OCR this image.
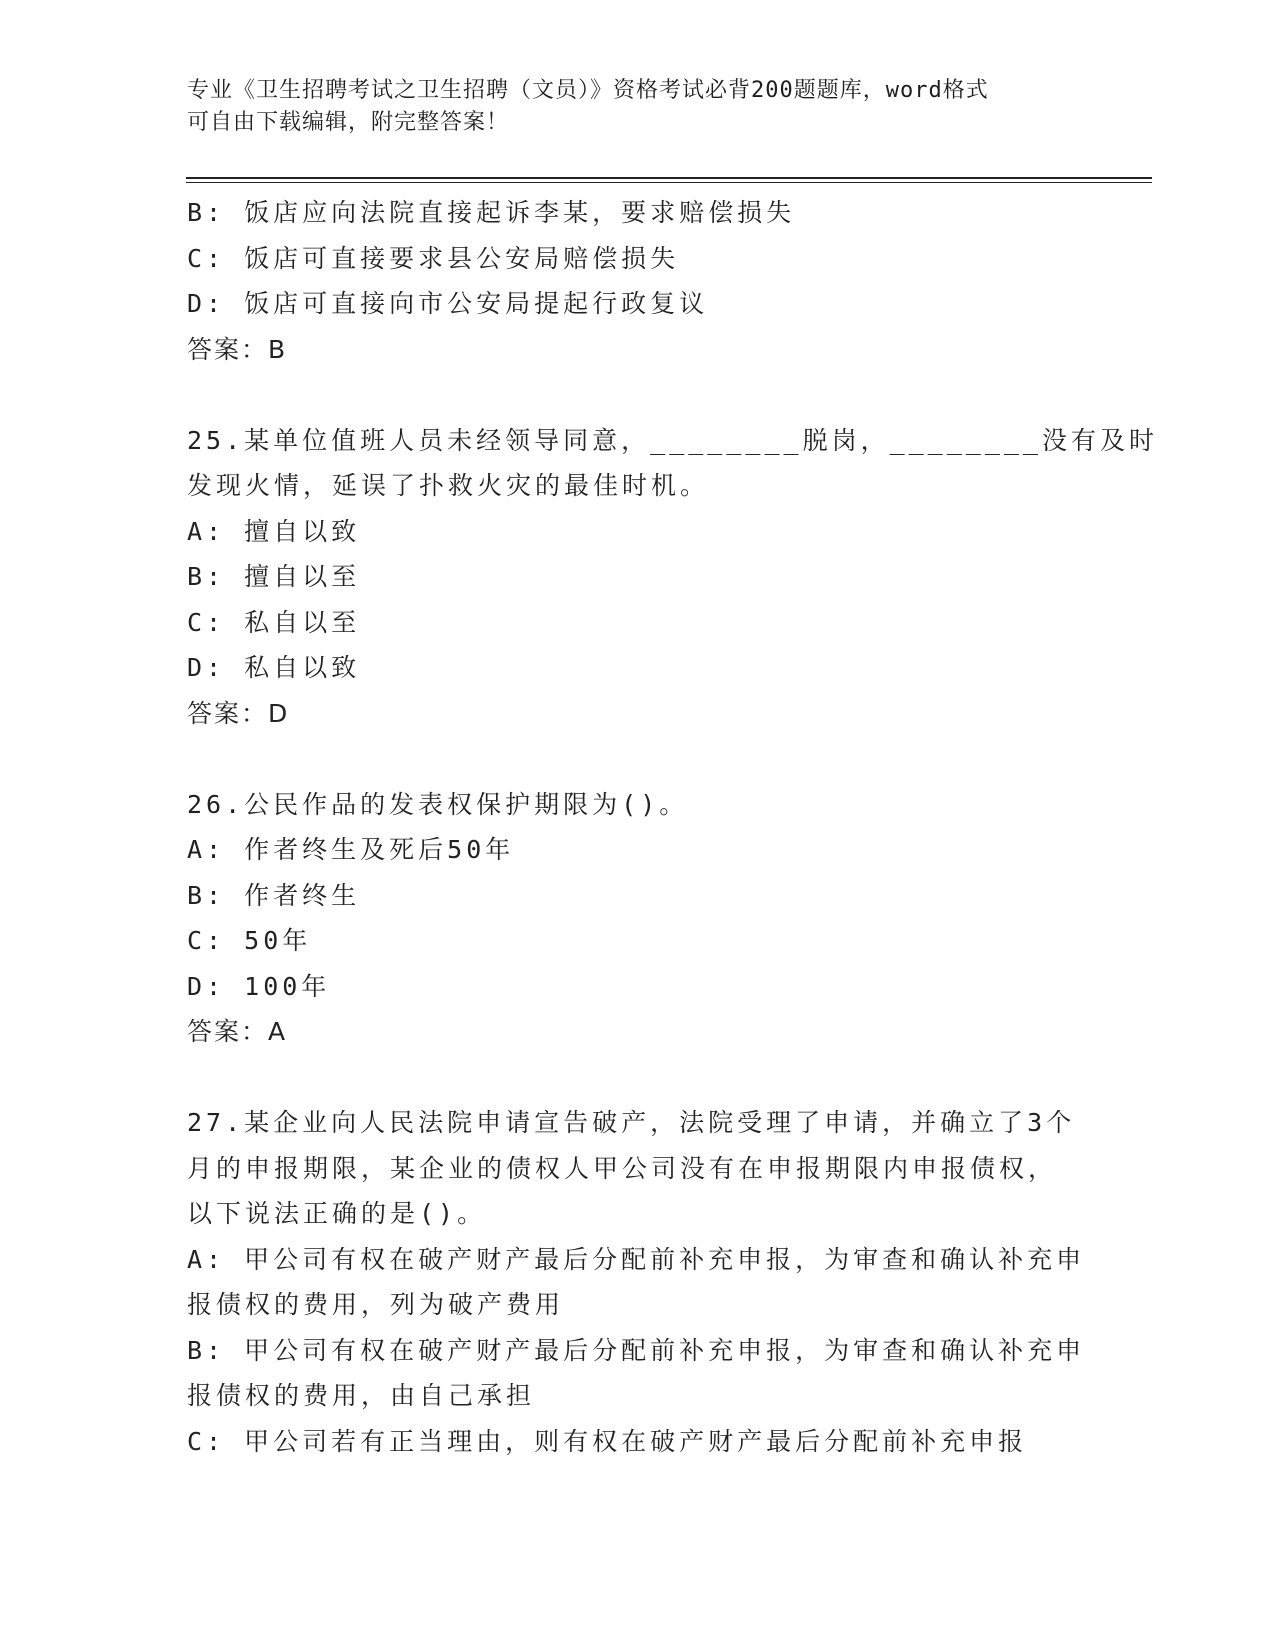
专业《卫生招聘考试之卫生招聘（文员）》资格考试必背200题题库，word格式
可自由下载编辑，附完整答案！
B: 饭店应向法院直接起诉李某，要求赔偿损失
C: 饭店可直接要求县公安局赔偿损失
D: 饭店可直接向市公安局提起行政复议
答案：B
25.某单位值班人员未经领导同意，________脱岗，________没有及时
发现火情，延误了扑救火灾的最佳时机。
A: 擅自以致
B: 擅自以至
C: 私自以至
D: 私自以致
答案：D
26.公民作品的发表权保护期限为()。
A: 作者终生及死后50年
B: 作者终生
C: 50年
D: 100年
答案：A
27.某企业向人民法院申请宣告破产，法院受理了申请，并确立了3个
月的申报期限，某企业的债权人甲公司没有在申报期限内申报债权，
以下说法正确的是()。
A: 甲公司有权在破产财产最后分配前补充申报，为审查和确认补充申
报债权的费用，列为破产费用
B: 甲公司有权在破产财产最后分配前补充申报，为审查和确认补充申
报债权的费用，由自己承担
C: 甲公司若有正当理由，则有权在破产财产最后分配前补充申报
